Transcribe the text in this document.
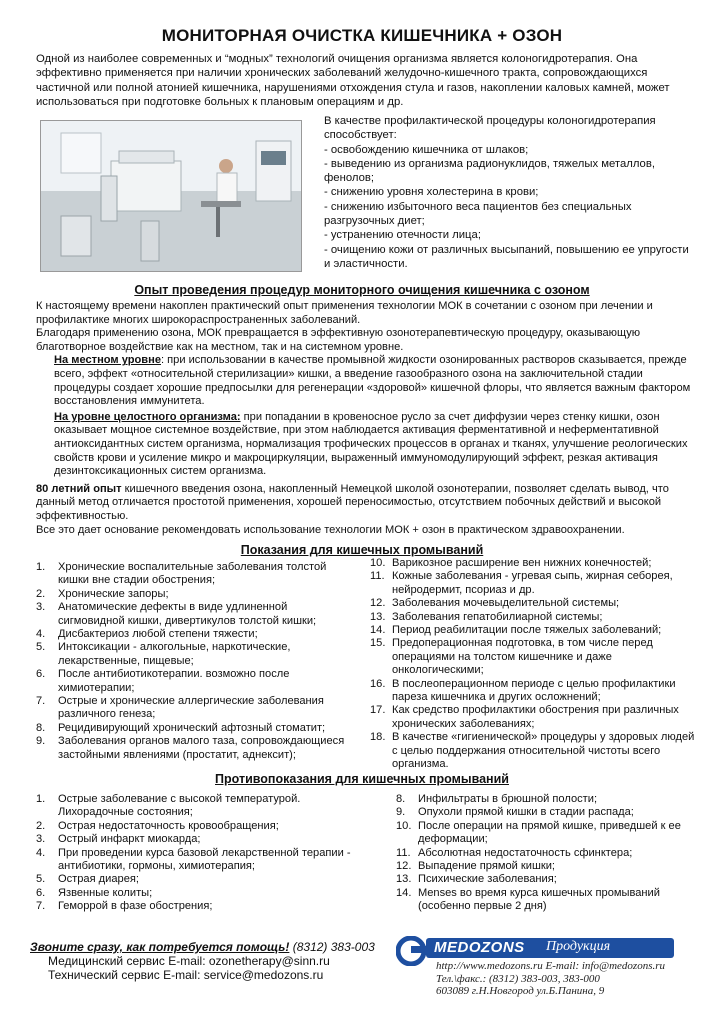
МОНИТОРНАЯ ОЧИСТКА КИШЕЧНИКА + ОЗОН
Одной из наиболее современных и “модных” технологий очищения организма является колоногидротерапия. Она эффективно применяется при наличии хронических заболеваний желудочно-кишечного тракта, сопровождающихся частичной или полной атонией кишечника, нарушениями отхождения стула и газов, накоплении каловых камней, может использоваться при подготовке больных к плановым операциям и др.
В качестве профилактической процедуры колоногидротерапия способствует:
- освобождению кишечника от шлаков;
- выведению из организма радионуклидов, тяжелых металлов, фенолов;
- снижению уровня холестерина в крови;
- снижению избыточного веса пациентов без специальных разгрузочных диет;
- устранению отечности лица;
- очищению кожи от различных высыпаний, повышению ее упругости и эластичности.
Опыт проведения процедур мониторного очищения кишечника с озоном

К настоящему времени накоплен практический опыт применения технологии МОК в сочетании с озоном при лечении и профилактике многих широкораспространенных заболеваний.

Благодаря применению озона, МОК превращается в эффективную озонотерапевтическую процедуру, оказывающую благотворное воздействие как на местном, так и на системном уровне.

На местном уровне: при использовании в качестве промывной жидкости озонированных растворов сказывается, прежде всего, эффект «относительной стерилизации» кишки, а введение газообразного озона на заключительной стадии процедуры создает хорошие предпосылки для регенерации «здоровой» кишечной флоры, что является важным фактором восстановления иммунитета.

На уровне целостного организма: при попадании в кровеносное русло за счет диффузии через стенку кишки, озон оказывает мощное системное воздействие, при этом наблюдается активация ферментативной и неферментативной антиоксидантных систем организма, нормализация трофических процессов в органах и тканях, улучшение реологических свойств крови и усиление микро и макроциркуляции, выраженный иммуномодулирующий эффект, резкая активация дезинтоксикационных систем организма.

80 летний опыт кишечного введения озона, накопленный Немецкой школой озонотерапии, позволяет сделать вывод, что данный метод отличается простотой применения, хорошей переносимостью, отсутствием побочных действий и высокой эффективностью.

Все это дает основание рекомендовать использование технологии МОК + озон в практическом здравоохранении.

Показания для кишечных промываний
1.	Хронические воспалительные заболевания толстой кишки вне стадии обострения;
2.	Хронические запоры;
3.	Анатомические дефекты в виде удлиненной сигмовидной кишки, дивертикулов толстой кишки;
4.	Дисбактериоз любой степени тяжести;
5.	Интоксикации - алкогольные, наркотические, лекарственные, пищевые;
6.	После антибиотикотерапии. возможно после химиотерапии;
7.	Острые и хронические аллергические заболевания различного генеза;
8.	Рецидивирующий хронический афтозный стоматит;
9.	Заболевания органов малого таза, сопровождающиеся застойными явлениями (простатит, аднексит);
10. Варикозное расширение вен нижних конечностей;
11. Кожные заболевания - угревая сыпь, жирная себорея, нейродермит, псориаз и др.
12. Заболевания мочевыделительной системы;
13. Заболевания гепатобилиарной системы;
14. Период реабилитации после тяжелых заболеваний;
15. Предоперационная подготовка, в том числе перед операциями на толстом кишечнике и даже онкологическими;
16. В послеоперационном периоде с целью профилактики пареза кишечника и других осложнений;
17. Как средство профилактики обострения при различных хронических заболеваниях;
18. В качестве «гигиенической» процедуры у здоровых людей с целью поддержания относительной чистоты всего организма.
Противопоказания для кишечных промываний
1.	Острые заболевание с высокой температурой. Лихорадочные состояния;
2.	Острая недостаточность кровообращения;
3.	Острый инфаркт миокарда;
4.	При проведении курса базовой лекарственной терапии - антибиотики, гормоны, химиотерапия;
5.	Острая диарея;
6.	Язвенные колиты;
7.	Геморрой в фазе обострения;
8.	Инфильтраты в брюшной полости;
9.	Опухоли прямой кишки в стадии распада;
10. После операции на прямой кишке, приведшей к ее деформации;
11. Абсолютная недостаточность сфинктера;
12. Выпадение прямой кишки;
13. Психические заболевания;
14. Menses во время курса кишечных промываний (особенно первые 2 дня)
Звоните сразу, как потребуется помощь! (8312) 383-003
Медицинский сервис E-mail: ozonetherapy@sinn.ru
Технический сервис E-mail: service@medozons.ru
MEDOZONS Продукция
http://www.medozons.ru E-mail: info@medozons.ru
Тел.\факс.: (8312) 383-003, 383-000
603089 г.Н.Новгород ул.Б.Панина, 9
